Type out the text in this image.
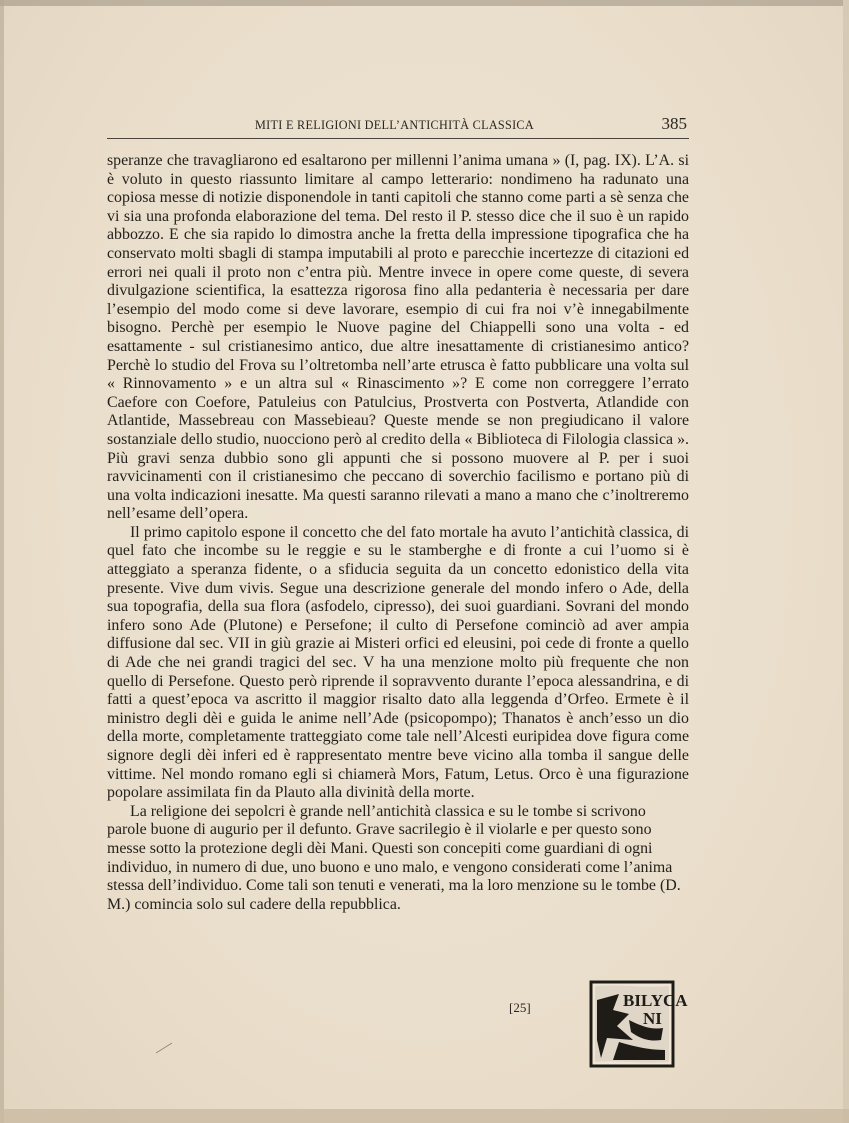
MITI E RELIGIONI DELL’ANTICHITÀ CLASSICA	385

speranze che travagliarono ed esaltarono per millenni l’anima umana » (I, pag. IX). L’A. si è voluto in questo riassunto limitare al campo letterario: nondimeno ha radunato una copiosa messe di notizie disponendole in tanti capitoli che stanno come parti a sè senza che vi sia una profonda elaborazione del tema. Del resto il P. stesso dice che il suo è un rapido abbozzo. E che sia rapido lo dimostra anche la fretta della impressione tipografica che ha conservato molti sbagli di stampa imputabili al proto e parecchie incertezze di citazioni ed errori nei quali il proto non c’entra più. Mentre invece in opere come queste, di severa divulgazione scientifica, la esattezza rigorosa fino alla pedanteria è necessaria per dare l’esempio del modo come si deve lavorare, esempio di cui fra noi v’è innegabilmente bisogno. Perchè per esempio le Nuove pagine del Chiappelli sono una volta - ed esattamente - sul cristianesimo antico, due altre inesattamente di cristianesimo antico? Perchè lo studio del Frova su l’oltretomba nell’arte etrusca è fatto pubblicare una volta sul « Rinnovamento » e un altra sul « Rinascimento »? E come non correggere l’errato Caefore con Coefore, Patuleius con Patulcius, Prostverta con Postverta, Atlandide con Atlantide, Massebreau con Massebieau? Queste mende se non pregiudicano il valore sostanziale dello studio, nuocciono però al credito della « Biblioteca di Filologia classica ». Più gravi senza dubbio sono gli appunti che si possono muovere al P. per i suoi ravvicinamenti con il cristianesimo che peccano di soverchio facilismo e portano più di una volta indicazioni inesatte. Ma questi saranno rilevati a mano a mano che c’inoltreremo nell’esame dell’opera.

Il primo capitolo espone il concetto che del fato mortale ha avuto l’antichità classica, di quel fato che incombe su le reggie e su le stamberghe e di fronte a cui l’uomo si è atteggiato a speranza fidente, o a sfiducia seguita da un concetto edonistico della vita presente. Vive dum vivis. Segue una descrizione generale del mondo infero o Ade, della sua topografia, della sua flora (asfodelo, cipresso), dei suoi guardiani. Sovrani del mondo infero sono Ade (Plutone) e Persefone; il culto di Persefone cominciò ad aver ampia diffusione dal sec. VII in giù grazie ai Misteri orfici ed eleusini, poi cede di fronte a quello di Ade che nei grandi tragici del sec. V ha una menzione molto più frequente che non quello di Persefone. Questo però riprende il sopravvento durante l’epoca alessandrina, e di fatti a quest’epoca va ascritto il maggior risalto dato alla leggenda d’Orfeo. Ermete è il ministro degli dèi e guida le anime nell’Ade (psicopompo); Thanatos è anch’esso un dio della morte, completamente tratteggiato come tale nell’Alcesti euripidea dove figura come signore degli dèi inferi ed è rappresentato mentre beve vicino alla tomba il sangue delle vittime. Nel mondo romano egli si chiamerà Mors, Fatum, Letus. Orco è una figurazione popolare assimilata fin da Plauto alla divinità della morte.

La religione dei sepolcri è grande nell’antichità classica e su le tombe si scrivono parole buone di augurio per il defunto. Grave sacrilegio è il violarle e per questo sono messe sotto la protezione degli dèi Mani. Questi son concepiti come guardiani di ogni individuo, in numero di due, uno buono e uno malo, e vengono considerati come l’anima stessa dell’individuo. Come tali son tenuti e venerati, ma la loro menzione su le tombe (D. M.) comincia solo sul cadere della repubblica.

[25]	BILYCA
NI
